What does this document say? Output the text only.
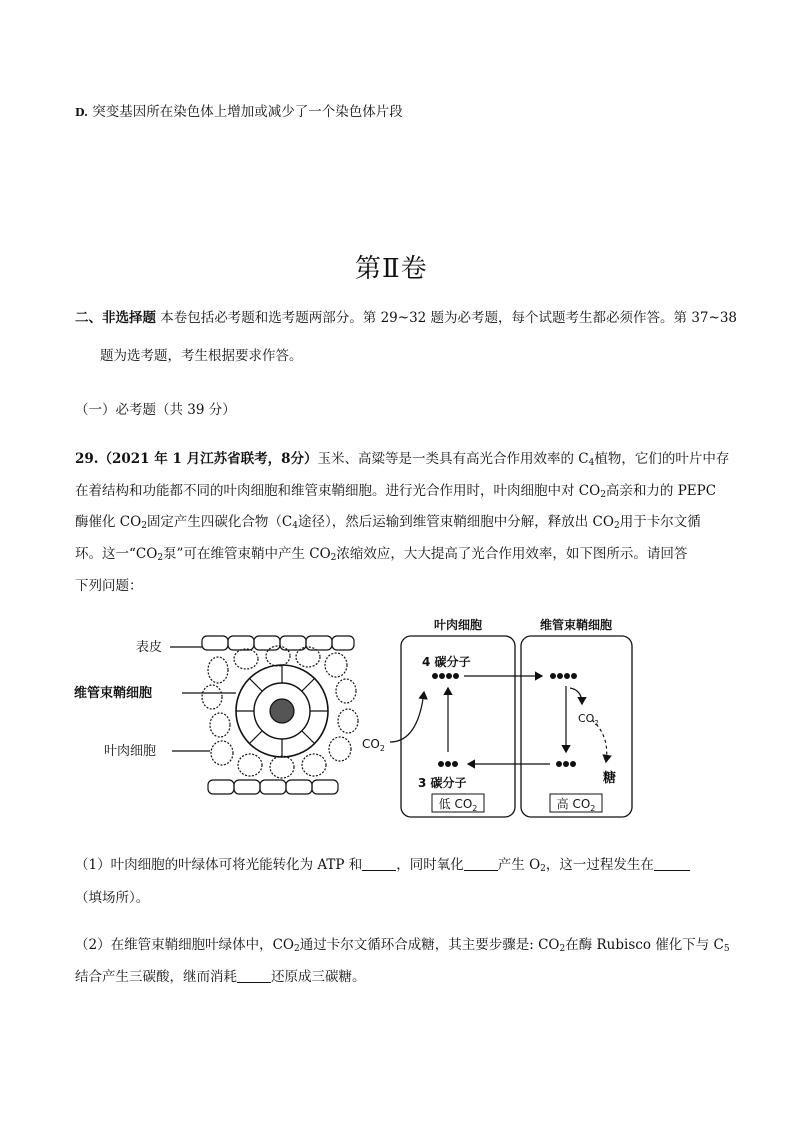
D. 突变基因所在染色体上增加或减少了一个染色体片段
第Ⅱ卷
二、非选择题 本卷包括必考题和选考题两部分。第 29~32 题为必考题，每个试题考生都必须作答。第 37~38
题为选考题，考生根据要求作答。
（一）必考题（共 39 分）
29.（2021 年 1 月江苏省联考，8分）玉米、高粱等是一类具有高光合作用效率的 $C_4$植物，它们的叶片中存
在着结构和功能都不同的叶肉细胞和维管束鞘细胞。进行光合作用时，叶肉细胞中对 $CO_2$高亲和力的 PEPC
酶催化 $CO_2$固定产生四碳化合物（$C_4$途径），然后运输到维管束鞘细胞中分解，释放出 $CO_2$用于卡尔文循
环。这一“$CO_2$泵”可在维管束鞘中产生 $CO_2$浓缩效应，大大提高了光合作用效率，如下图所示。请回答
下列问题：
表皮
维管束鞘细胞
叶肉细胞
叶肉细胞	维管束鞘细胞
4 碳分子
3 碳分子
$CO_2$
$CO_2$
糖
低 $CO_2$	高 $CO_2$
（1）叶肉细胞的叶绿体可将光能转化为 ATP 和	，同时氧化	产生 $O_2$，这一过程发生在
（填场所）。
（2）在维管束鞘细胞叶绿体中，$CO_2$通过卡尔文循环合成糖，其主要步骤是: $CO_2$在酶 Rubisco 催化下与 $C_5$
结合产生三碳酸，继而消耗	还原成三碳糖。
